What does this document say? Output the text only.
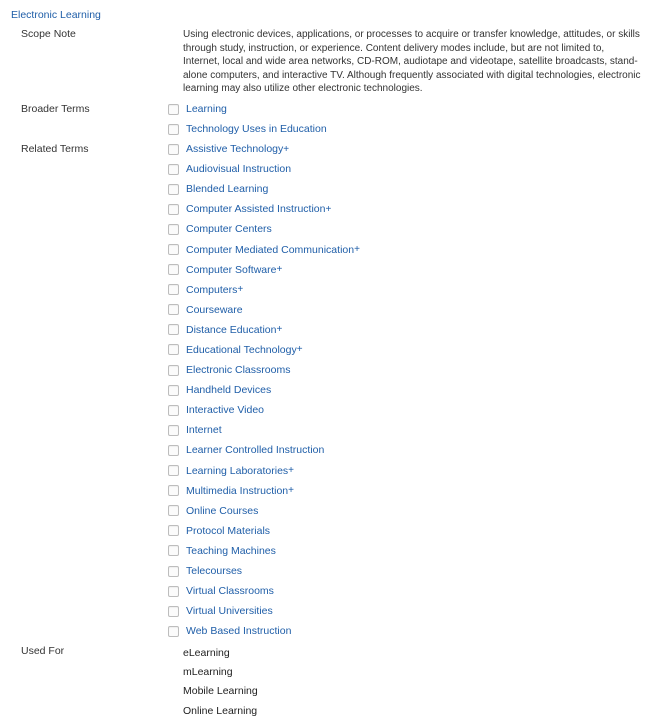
Electronic Learning
Scope Note	Using electronic devices, applications, or processes to acquire or transfer knowledge, attitudes, or skills through study, instruction, or experience. Content delivery modes include, but are not limited to, Internet, local and wide area networks, CD-ROM, audiotape and videotape, satellite broadcasts, stand-alone computers, and interactive TV. Although frequently associated with digital technologies, electronic learning may also utilize other electronic technologies.
Broader Terms	Learning
Technology Uses in Education
Related Terms	Assistive Technology +
Audiovisual Instruction
Blended Learning
Computer Assisted Instruction +
Computer Centers
Computer Mediated Communication +
Computer Software +
Computers +
Courseware
Distance Education +
Educational Technology +
Electronic Classrooms
Handheld Devices
Interactive Video
Internet
Learner Controlled Instruction
Learning Laboratories +
Multimedia Instruction +
Online Courses
Protocol Materials
Teaching Machines
Telecourses
Virtual Classrooms
Virtual Universities
Web Based Instruction
Used For	eLearning
mLearning
Mobile Learning
Online Learning
